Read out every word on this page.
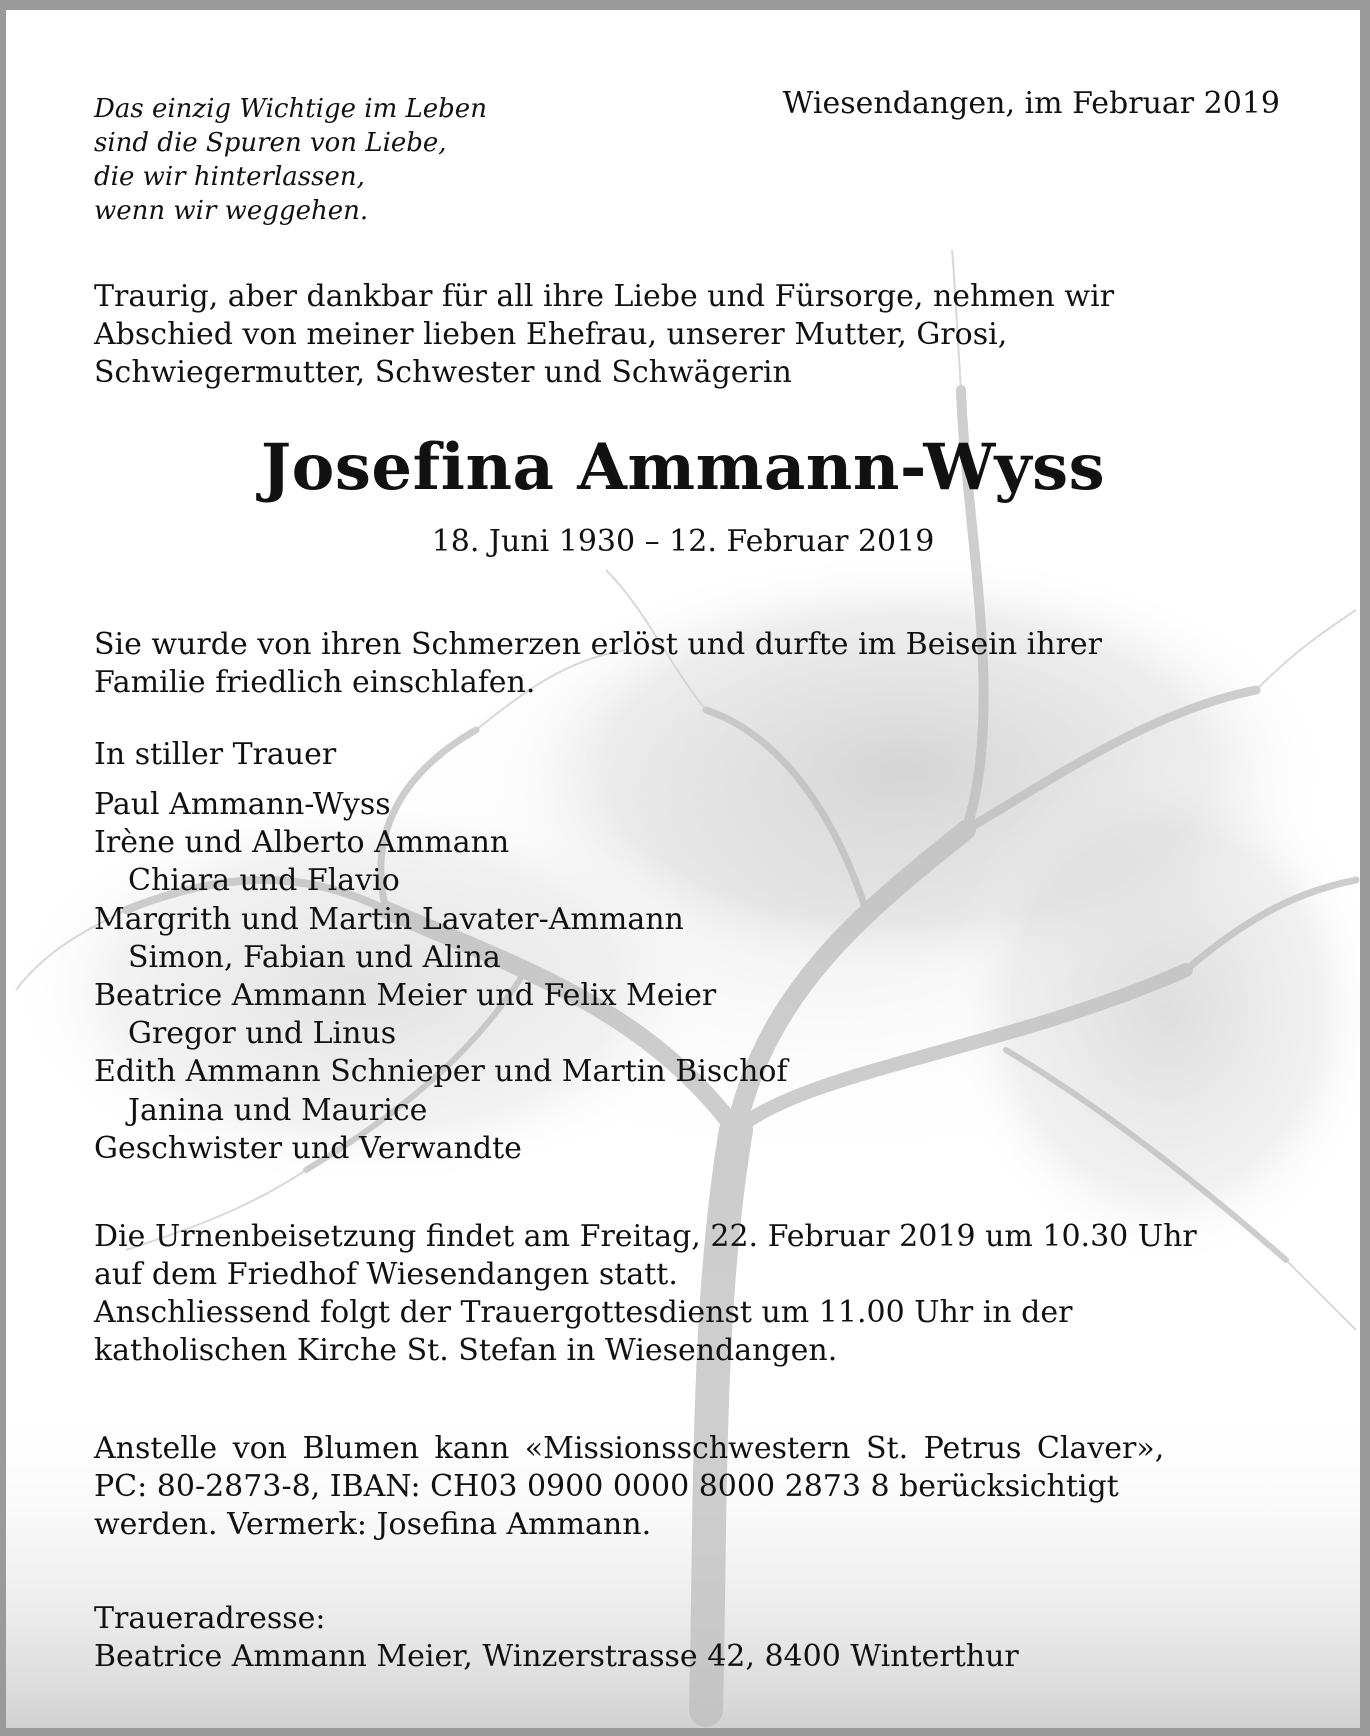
Das einzig Wichtige im Leben
sind die Spuren von Liebe,
die wir hinterlassen,
wenn wir weggehen.
Wiesendangen, im Februar 2019
Traurig, aber dankbar für all ihre Liebe und Fürsorge, nehmen wir
Abschied von meiner lieben Ehefrau, unserer Mutter, Grosi,
Schwiegermutter, Schwester und Schwägerin
Josefina Ammann-Wyss
18. Juni 1930 – 12. Februar 2019
Sie wurde von ihren Schmerzen erlöst und durfte im Beisein ihrer
Familie friedlich einschlafen.
In stiller Trauer
Paul Ammann-Wyss
Irène und Alberto Ammann
Chiara und Flavio
Margrith und Martin Lavater-Ammann
Simon, Fabian und Alina
Beatrice Ammann Meier und Felix Meier
Gregor und Linus
Edith Ammann Schnieper und Martin Bischof
Janina und Maurice
Geschwister und Verwandte
Die Urnenbeisetzung findet am Freitag, 22. Februar 2019 um 10.30 Uhr
auf dem Friedhof Wiesendangen statt.
Anschliessend folgt der Trauergottesdienst um 11.00 Uhr in der
katholischen Kirche St. Stefan in Wiesendangen.
Anstelle von Blumen kann «Missionsschwestern St. Petrus Claver»,
PC: 80-2873-8, IBAN: CH03 0900 0000 8000 2873 8 berücksichtigt
werden. Vermerk: Josefina Ammann.
Traueradresse:
Beatrice Ammann Meier, Winzerstrasse 42, 8400 Winterthur
